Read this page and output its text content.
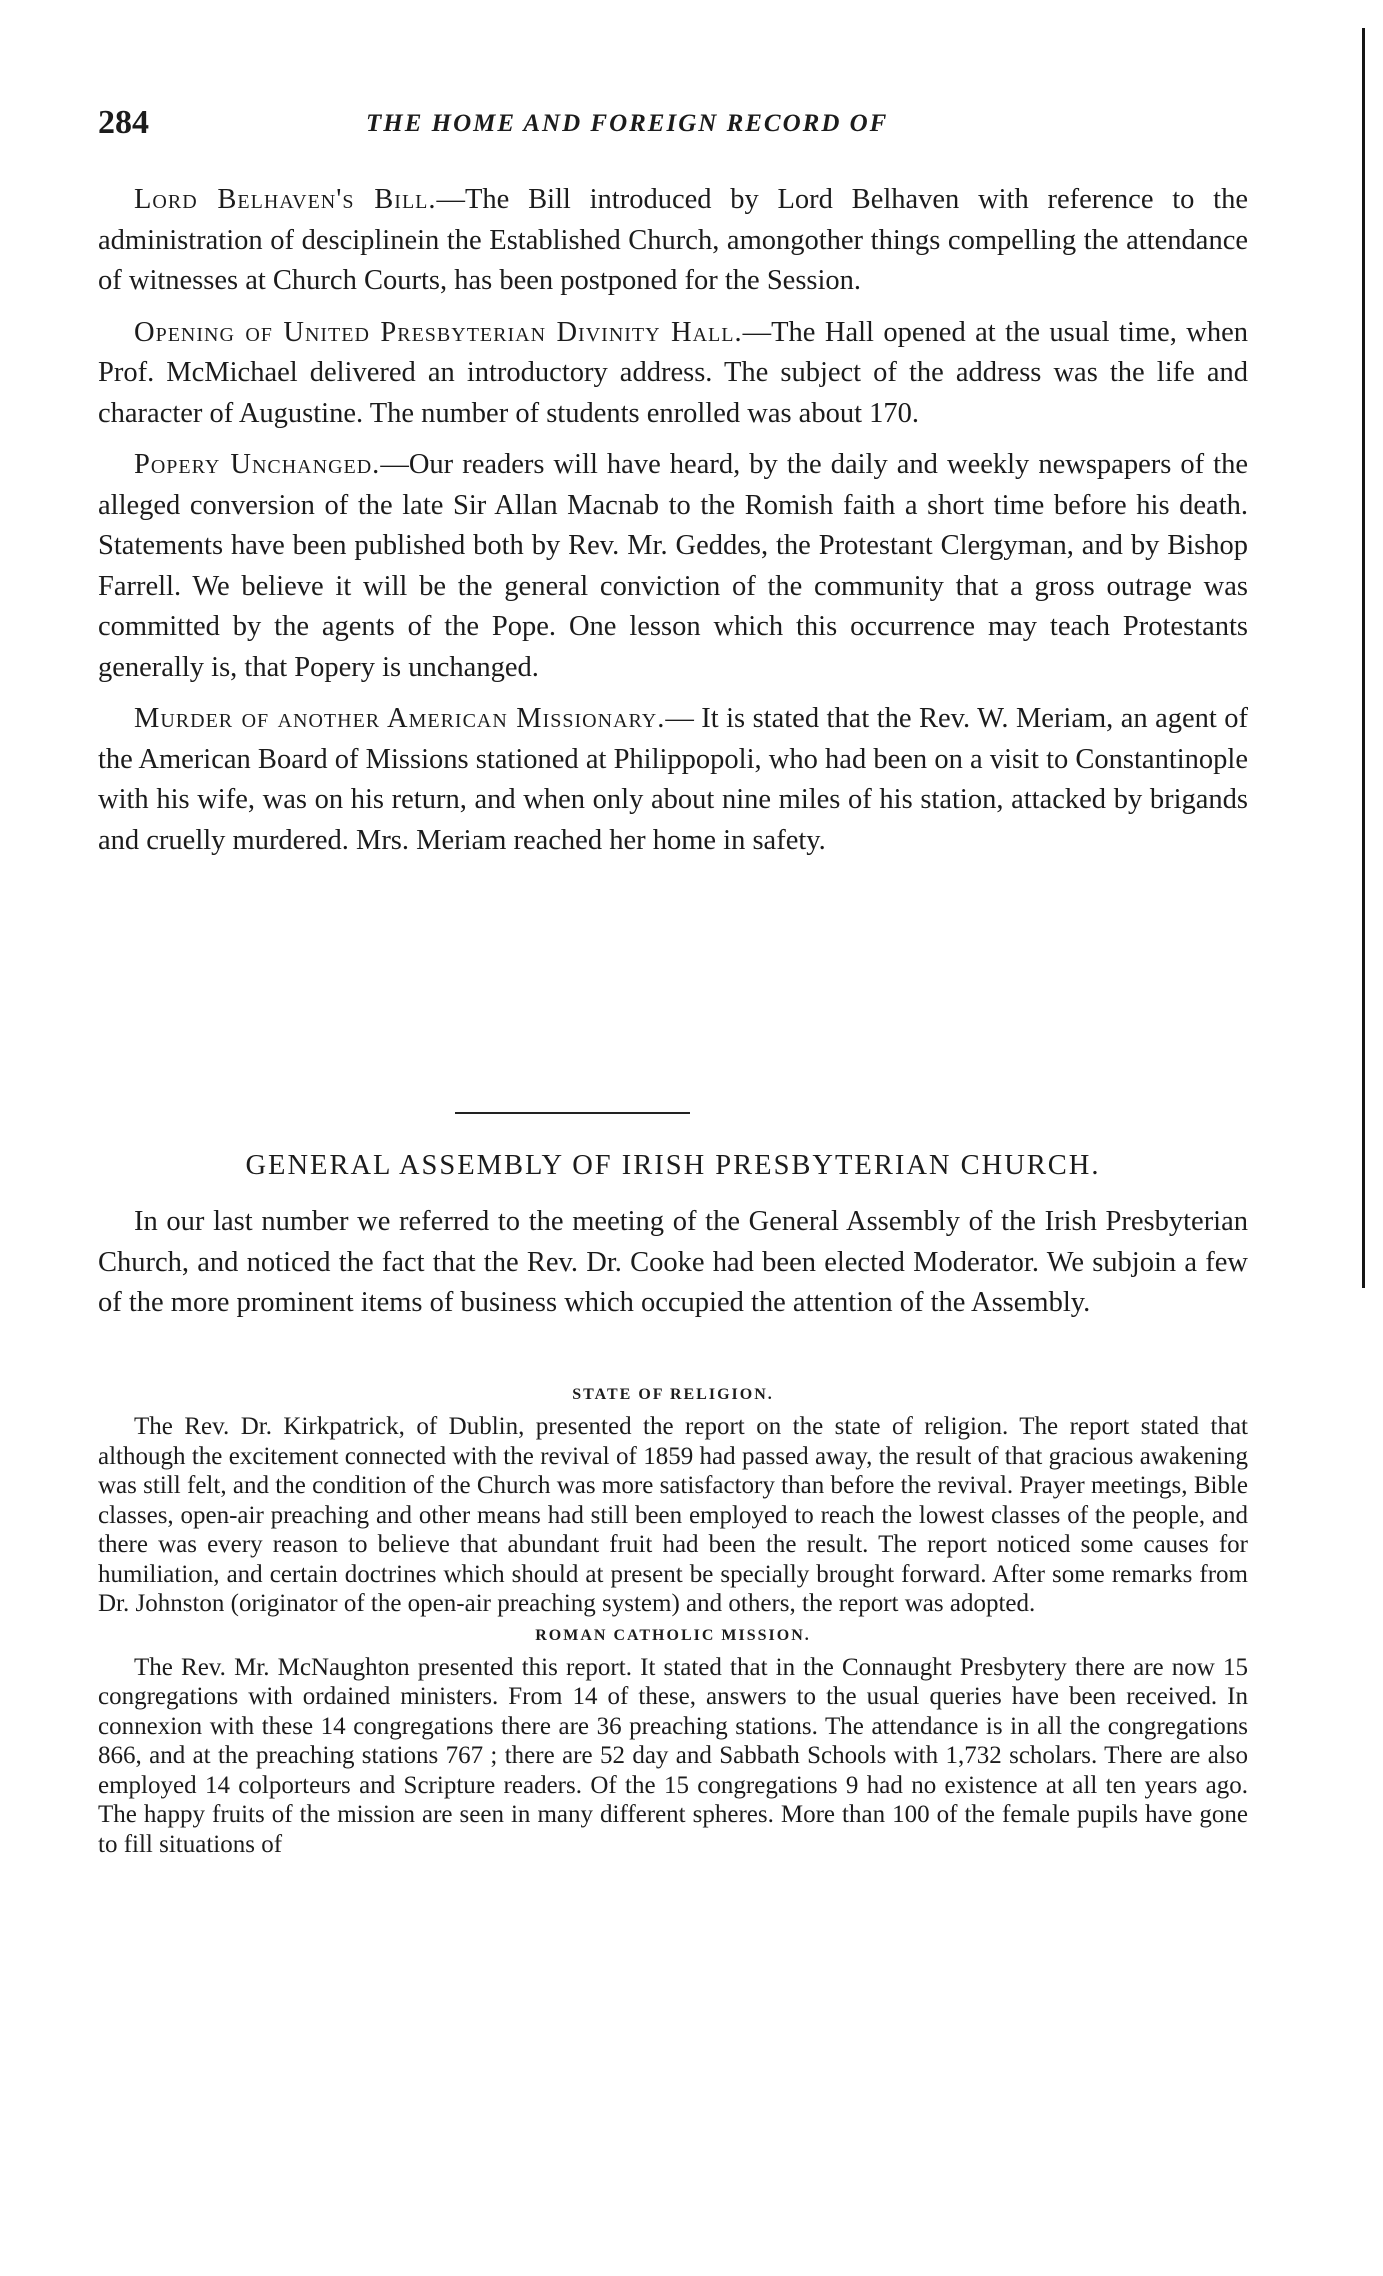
284	THE HOME AND FOREIGN RECORD OF

Lord Belhaven's Bill.—The Bill introduced by Lord Belhaven with reference to the administration of desciplinein the Established Church, amongother things compelling the attendance of witnesses at Church Courts, has been postponed for the Session.

Opening of United Presbyterian Divinity Hall.—The Hall opened at the usual time, when Prof. McMichael delivered an introductory address. The subject of the address was the life and character of Augustine. The number of students enrolled was about 170.

Popery Unchanged.—Our readers will have heard, by the daily and weekly newspapers of the alleged conversion of the late Sir Allan Macnab to the Romish faith a short time before his death. Statements have been published both by Rev. Mr. Geddes, the Protestant Clergyman, and by Bishop Farrell. We believe it will be the general conviction of the community that a gross outrage was committed by the agents of the Pope. One lesson which this occurrence may teach Protestants generally is, that Popery is unchanged.

Murder of another American Missionary.— It is stated that the Rev. W. Meriam, an agent of the American Board of Missions stationed at Philippopoli, who had been on a visit to Constantinople with his wife, was on his return, and when only about nine miles of his station, attacked by brigands and cruelly murdered. Mrs. Meriam reached her home in safety.

GENERAL ASSEMBLY OF IRISH PRESBYTERIAN CHURCH.

In our last number we referred to the meeting of the General Assembly of the Irish Presbyterian Church, and noticed the fact that the Rev. Dr. Cooke had been elected Moderator. We subjoin a few of the more prominent items of business which occupied the attention of the Assembly.

STATE OF RELIGION.

The Rev. Dr. Kirkpatrick, of Dublin, presented the report on the state of religion. The report stated that although the excitement connected with the revival of 1859 had passed away, the result of that gracious awakening was still felt, and the condition of the Church was more satisfactory than before the revival. Prayer meetings, Bible classes, open-air preaching and other means had still been employed to reach the lowest classes of the people, and there was every reason to believe that abundant fruit had been the result. The report noticed some causes for humiliation, and certain doctrines which should at present be specially brought forward. After some remarks from Dr. Johnston (originator of the open-air preaching system) and others, the report was adopted.

ROMAN CATHOLIC MISSION.

The Rev. Mr. McNaughton presented this report. It stated that in the Connaught Presbytery there are now 15 congregations with ordained ministers. From 14 of these, answers to the usual queries have been received. In connexion with these 14 congregations there are 36 preaching stations. The attendance is in all the congregations 866, and at the preaching stations 767 ; there are 52 day and Sabbath Schools with 1,732 scholars. There are also employed 14 colporteurs and Scripture readers. Of the 15 congregations 9 had no existence at all ten years ago. The happy fruits of the mission are seen in many different spheres. More than 100 of the female pupils have gone to fill situations of
